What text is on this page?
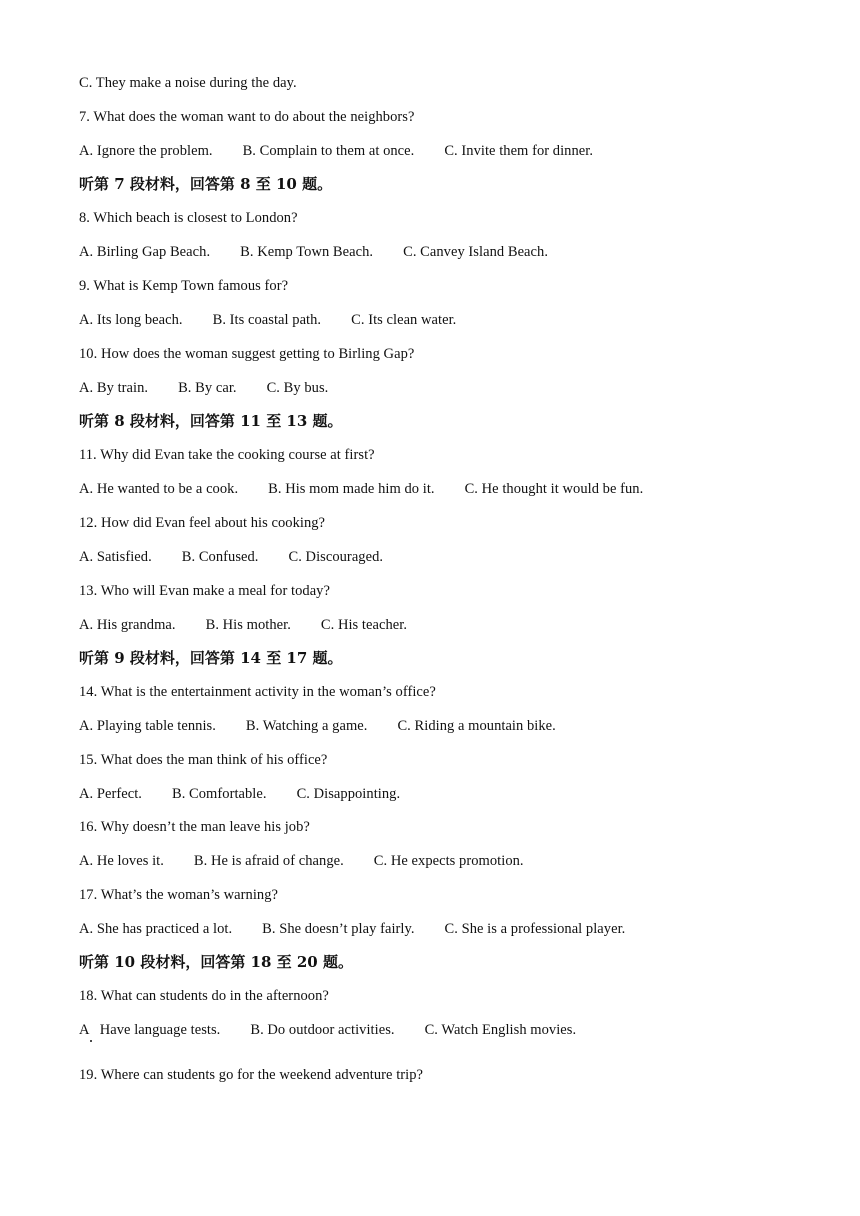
C. They make a noise during the day.
7. What does the woman want to do about the neighbors?
A. Ignore the problem. B. Complain to them at once. C. Invite them for dinner.
听第 7 段材料，回答第 8 至 10 题。
8. Which beach is closest to London?
A. Birling Gap Beach. B. Kemp Town Beach. C. Canvey Island Beach.
9. What is Kemp Town famous for?
A. Its long beach. B. Its coastal path. C. Its clean water.
10. How does the woman suggest getting to Birling Gap?
A. By train. B. By car. C. By bus.
听第 8 段材料，回答第 11 至 13 题。
11. Why did Evan take the cooking course at first?
A. He wanted to be a cook. B. His mom made him do it. C. He thought it would be fun.
12. How did Evan feel about his cooking?
A. Satisfied. B. Confused. C. Discouraged.
13. Who will Evan make a meal for today?
A. His grandma. B. His mother. C. His teacher.
听第 9 段材料，回答第 14 至 17 题。
14. What is the entertainment activity in the woman’s office?
A. Playing table tennis. B. Watching a game. C. Riding a mountain bike.
15. What does the man think of his office?
A. Perfect. B. Comfortable. C. Disappointing.
16. Why doesn’t the man leave his job?
A. He loves it. B. He is afraid of change. C. He expects promotion.
17. What’s the woman’s warning?
A. She has practiced a lot. B. She doesn’t play fairly. C. She is a professional player.
听第 10 段材料，回答第 18 至 20 题。
18. What can students do in the afternoon?
A   Have language tests. B. Do outdoor activities. C. Watch English movies.
19. Where can students go for the weekend adventure trip?
